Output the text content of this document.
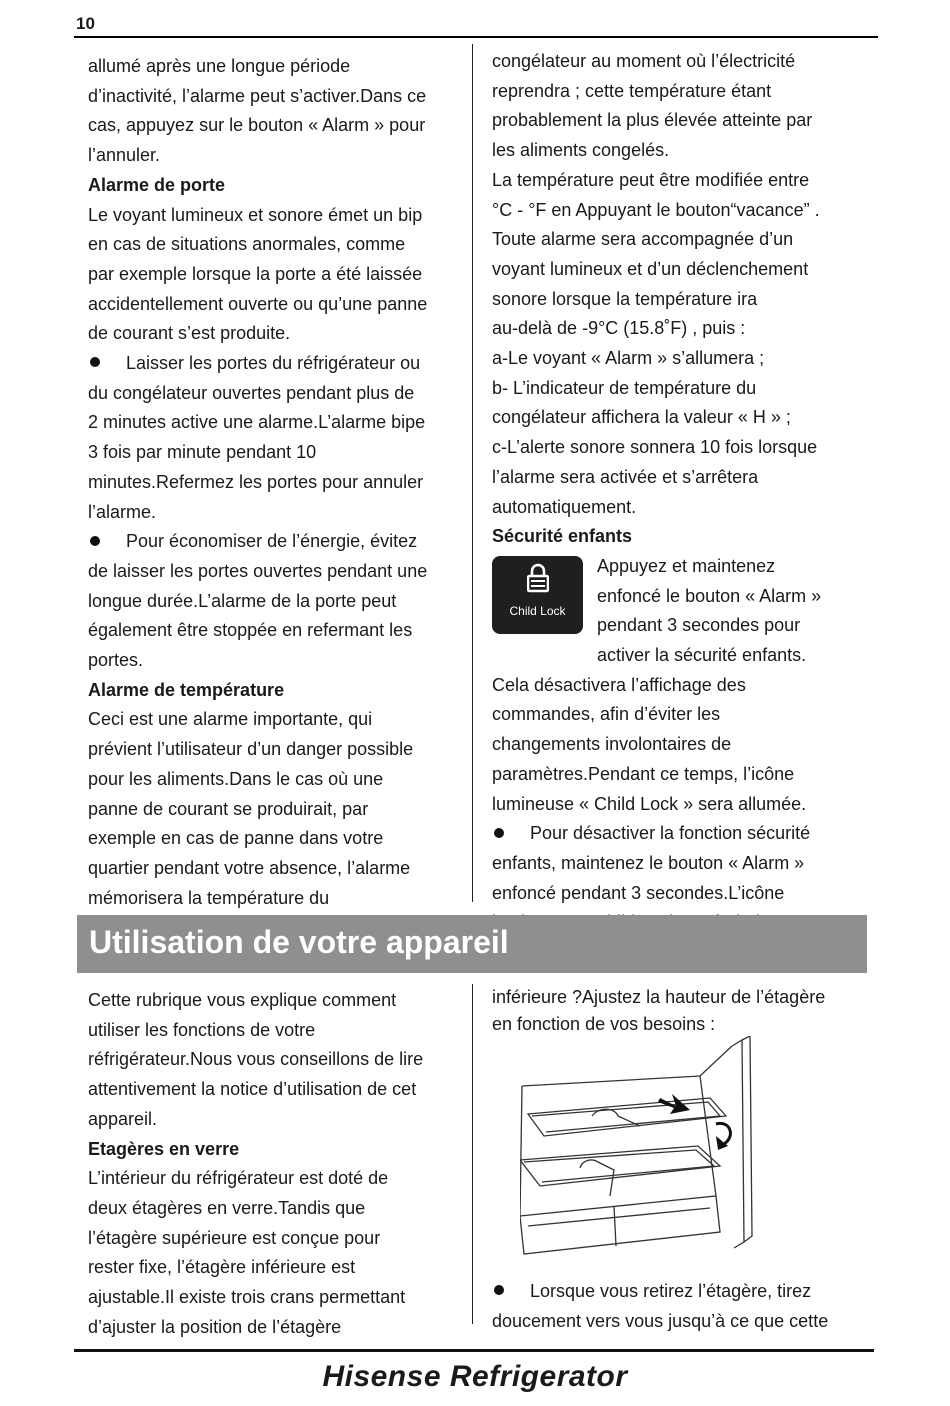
10

allumé après une longue période
d’inactivité, l’alarme peut s’activer.Dans ce
cas, appuyez sur le bouton « Alarm » pour
l’annuler.

Alarme de porte

Le voyant lumineux et sonore émet un bip
en cas de situations anormales, comme
par exemple lorsque la porte a été laissée
accidentellement ouverte ou qu’une panne
de courant s’est produite.

Laisser les portes du réfrigérateur ou
du congélateur ouvertes pendant plus de
2 minutes active une alarme.L’alarme bipe
3 fois par minute pendant 10
minutes.Refermez les portes pour annuler
l’alarme.

Pour économiser de l’énergie, évitez
de laisser les portes ouvertes pendant une
longue durée.L’alarme de la porte peut
également être stoppée en refermant les
portes.

Alarme de température

Ceci est une alarme importante, qui
prévient l’utilisateur d’un danger possible
pour les aliments.Dans le cas où une
panne de courant se produirait, par
exemple en cas de panne dans votre
quartier pendant votre absence, l’alarme
mémorisera la température du

congélateur au moment où l’électricité
reprendra ; cette température étant
probablement la plus élevée atteinte par
les aliments congelés.

La température peut être modifiée entre
°C - °F en Appuyant le bouton“vacance” .
Toute alarme sera accompagnée d’un
voyant lumineux et d’un déclenchement
sonore lorsque la température ira
au-delà de -9°C (15.8˚F) , puis :
a-Le voyant « Alarm » s’allumera ;
b- L’indicateur de température du
congélateur affichera la valeur « H » ;
c-L’alerte sonore sonnera 10 fois lorsque
l’alarme sera activée et s’arrêtera
automatiquement.

Sécurité enfants

Child Lock

Appuyez et maintenez
enfoncé le bouton « Alarm »
pendant 3 secondes pour
activer la sécurité enfants.

Cela désactivera l’affichage des
commandes, afin d’éviter les
changements involontaires de
paramètres.Pendant ce temps, l’icône
lumineuse « Child Lock » sera allumée.

Pour désactiver la fonction sécurité
enfants, maintenez le bouton « Alarm »
enfoncé pendant 3 secondes.L’icône

Utilisation de votre appareil

Cette rubrique vous explique comment
utiliser les fonctions de votre
réfrigérateur.Nous vous conseillons de lire
attentivement la notice d’utilisation de cet
appareil.

Etagères en verre

L’intérieur du réfrigérateur est doté de
deux étagères en verre.Tandis que
l’étagère supérieure est conçue pour
rester fixe, l’étagère inférieure est
ajustable.Il existe trois crans permettant
d’ajuster la position de l’étagère

inférieure ?Ajustez la hauteur de l’étagère
en fonction de vos besoins :

Lorsque vous retirez l’étagère, tirez
doucement vers vous jusqu’à ce que cette

Hisense Refrigerator
